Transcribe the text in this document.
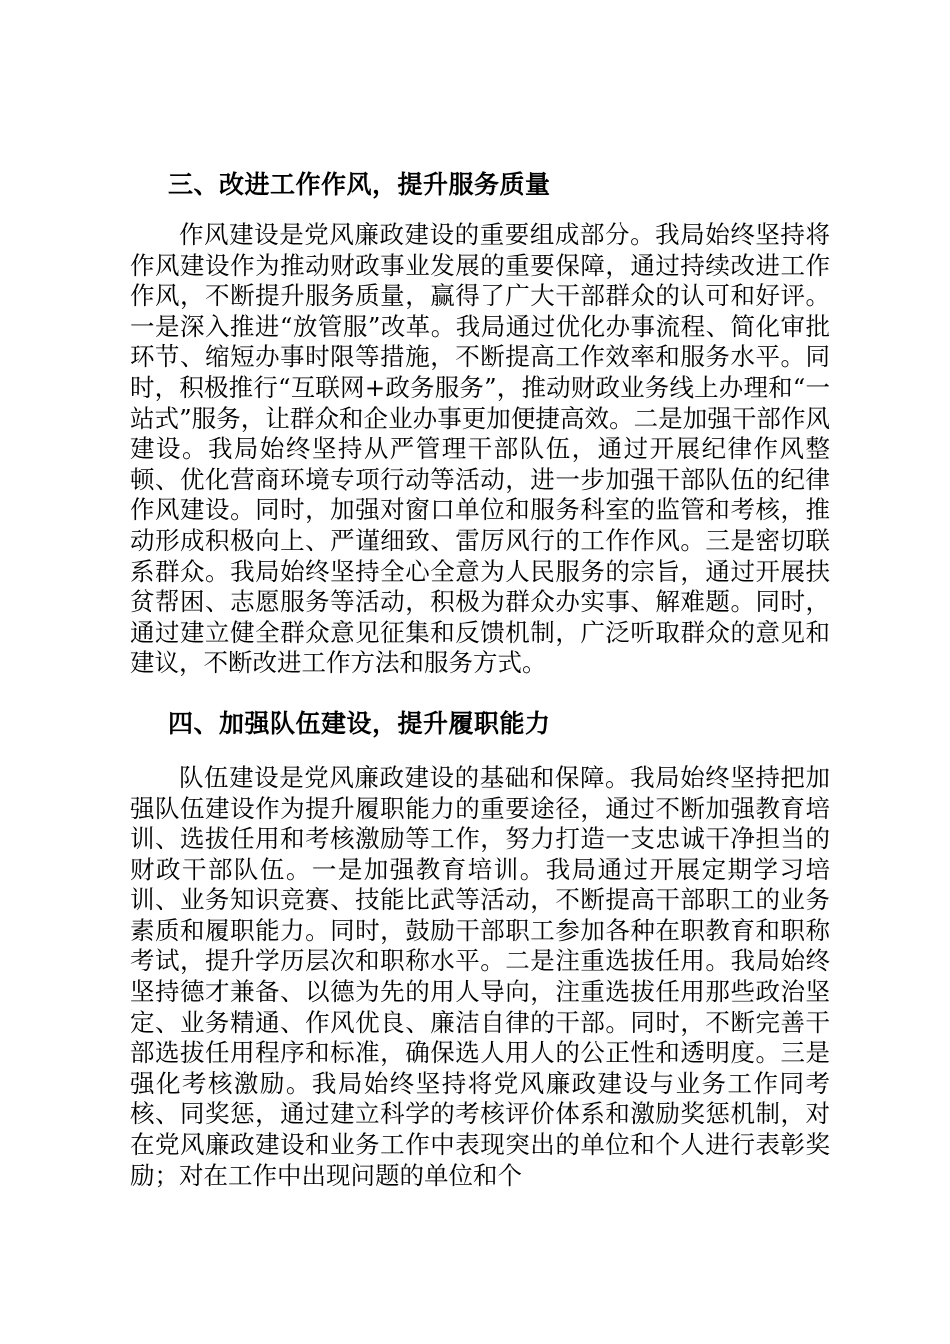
三、改进工作作风，提升服务质量

作风建设是党风廉政建设的重要组成部分。我局始终坚持将作风建设作为推动财政事业发展的重要保障，通过持续改进工作作风，不断提升服务质量，赢得了广大干部群众的认可和好评。一是深入推进“放管服”改革。我局通过优化办事流程、简化审批环节、缩短办事时限等措施，不断提高工作效率和服务水平。同时，积极推行“互联网+政务服务”，推动财政业务线上办理和“一站式”服务，让群众和企业办事更加便捷高效。二是加强干部作风建设。我局始终坚持从严管理干部队伍，通过开展纪律作风整顿、优化营商环境专项行动等活动，进一步加强干部队伍的纪律作风建设。同时，加强对窗口单位和服务科室的监管和考核，推动形成积极向上、严谨细致、雷厉风行的工作作风。三是密切联系群众。我局始终坚持全心全意为人民服务的宗旨，通过开展扶贫帮困、志愿服务等活动，积极为群众办实事、解难题。同时，通过建立健全群众意见征集和反馈机制，广泛听取群众的意见和建议，不断改进工作方法和服务方式。

四、加强队伍建设，提升履职能力

队伍建设是党风廉政建设的基础和保障。我局始终坚持把加强队伍建设作为提升履职能力的重要途径，通过不断加强教育培训、选拔任用和考核激励等工作，努力打造一支忠诚干净担当的财政干部队伍。一是加强教育培训。我局通过开展定期学习培训、业务知识竞赛、技能比武等活动，不断提高干部职工的业务素质和履职能力。同时，鼓励干部职工参加各种在职教育和职称考试，提升学历层次和职称水平。二是注重选拔任用。我局始终坚持德才兼备、以德为先的用人导向，注重选拔任用那些政治坚定、业务精通、作风优良、廉洁自律的干部。同时，不断完善干部选拔任用程序和标准，确保选人用人的公正性和透明度。三是强化考核激励。我局始终坚持将党风廉政建设与业务工作同考核、同奖惩，通过建立科学的考核评价体系和激励奖惩机制，对在党风廉政建设和业务工作中表现突出的单位和个人进行表彰奖励；对在工作中出现问题的单位和个
